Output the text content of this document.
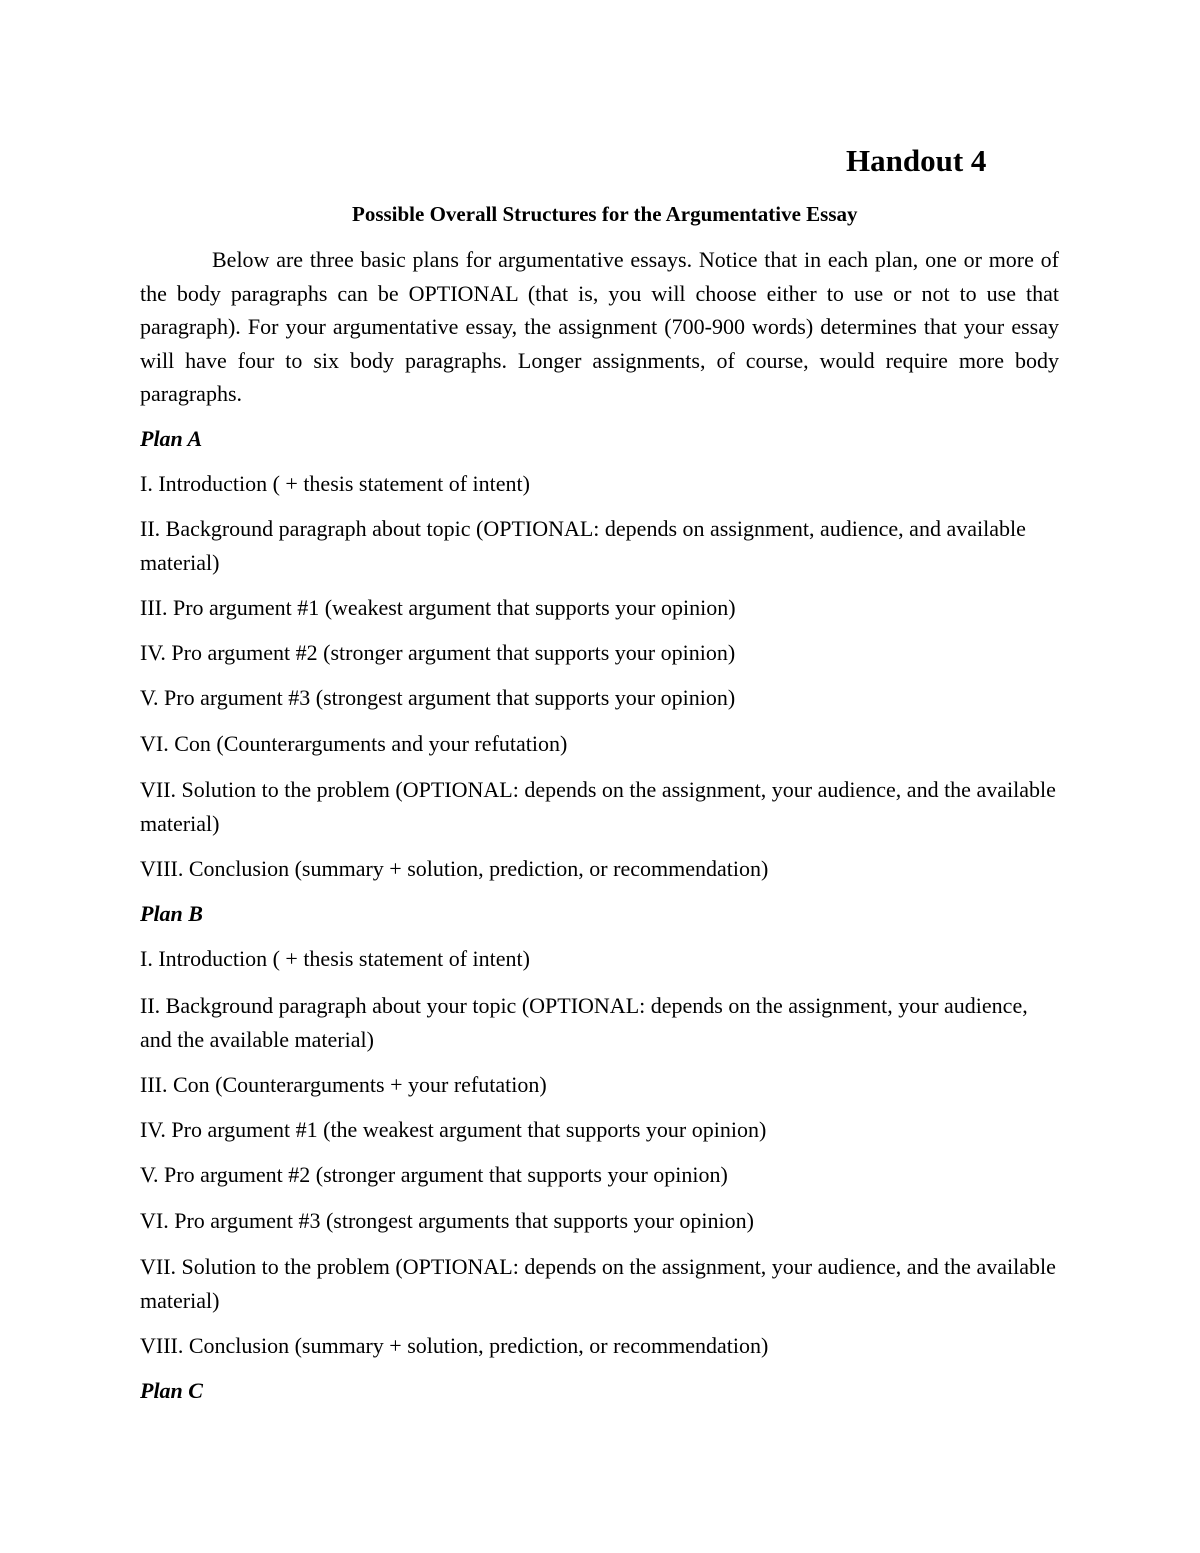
Handout 4
Possible Overall Structures for the Argumentative Essay

Below are three basic plans for argumentative essays. Notice that in each plan, one or more of the body paragraphs can be OPTIONAL (that is, you will choose either to use or not to use that paragraph). For your argumentative essay, the assignment (700-900 words) determines that your essay will have four to six body paragraphs. Longer assignments, of course, would require more body paragraphs.

Plan A

I. Introduction ( + thesis statement of intent)

II. Background paragraph about topic (OPTIONAL: depends on assignment, audience, and available material)

III. Pro argument #1 (weakest argument that supports your opinion)

IV. Pro argument #2 (stronger argument that supports your opinion)

V. Pro argument #3 (strongest argument that supports your opinion)

VI. Con (Counterarguments and your refutation)

VII. Solution to the problem (OPTIONAL: depends on the assignment, your audience, and the available material)

VIII. Conclusion (summary + solution, prediction, or recommendation)

Plan B

I. Introduction ( + thesis statement of intent)

II. Background paragraph about your topic (OPTIONAL: depends on the assignment, your audience, and the available material)

III. Con (Counterarguments + your refutation)

IV. Pro argument #1 (the weakest argument that supports your opinion)

V. Pro argument #2 (stronger argument that supports your opinion)

VI. Pro argument #3 (strongest arguments that supports your opinion)

VII. Solution to the problem (OPTIONAL: depends on the assignment, your audience, and the available material)

VIII. Conclusion (summary + solution, prediction, or recommendation)

Plan C
